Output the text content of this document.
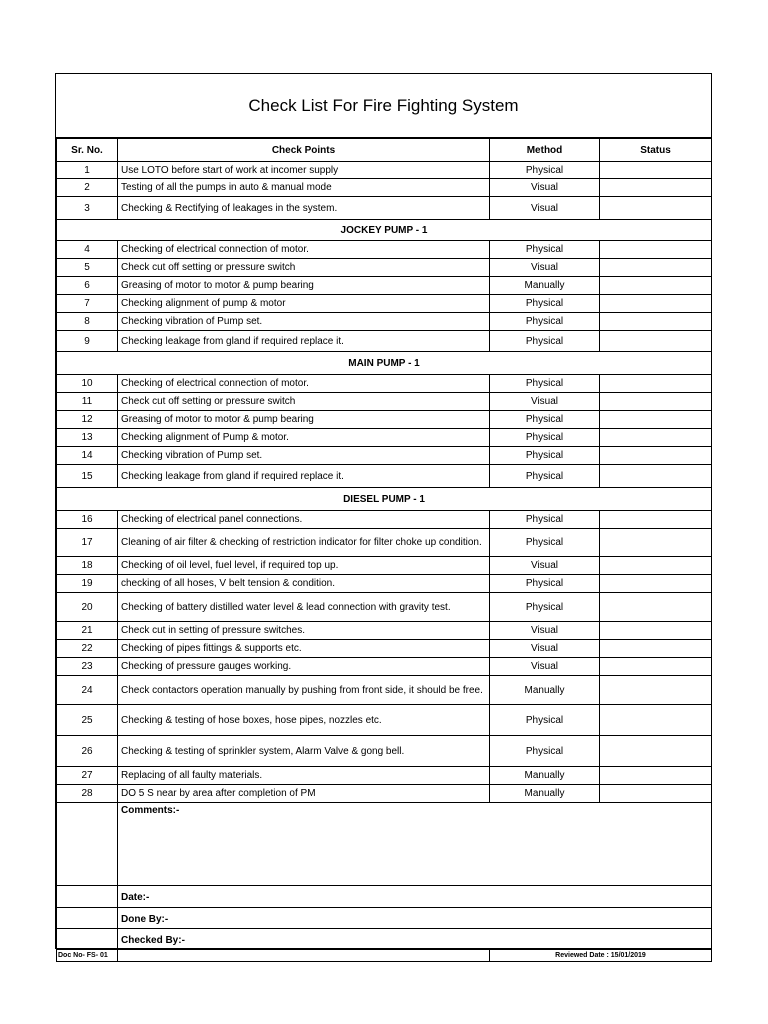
Check List For Fire Fighting System
Sr. No.	Check Points	Method	Status
1	Use LOTO before start of work at incomer supply	Physical	
2	Testing of all the pumps in auto & manual mode	Visual	
3	Checking & Rectifying of leakages in the system.	Visual	
JOCKEY PUMP - 1			
4	Checking of electrical connection of motor.	Physical	
5	Check cut off setting or pressure switch	Visual	
6	Greasing of motor to motor & pump bearing	Manually	
7	Checking alignment of pump & motor	Physical	
8	Checking vibration of Pump set.	Physical	
9	Checking leakage from gland if required replace it.	Physical	
MAIN PUMP - 1			
10	Checking of electrical connection of motor.	Physical	
11	Check cut off setting or pressure switch	Visual	
12	Greasing of motor to motor & pump bearing	Physical	
13	Checking alignment of Pump & motor.	Physical	
14	Checking vibration of Pump set.	Physical	
15	Checking leakage from gland if required replace it.	Physical	
DIESEL PUMP - 1			
16	Checking of electrical panel connections.	Physical	
17	Cleaning of air filter & checking of restriction indicator for filter choke up condition.	Physical	
18	Checking of oil level, fuel level, if required top up.	Visual	
19	checking of all hoses, V belt tension & condition.	Physical	
20	Checking of battery distilled water level & lead connection with gravity test.	Physical	
21	Check cut in setting of pressure switches.	Visual	
22	Checking of pipes fittings & supports etc.	Visual	
23	Checking of pressure gauges working.	Visual	
24	Check contactors operation manually by pushing from front side, it should be free.	Manually	
25	Checking & testing of hose boxes, hose pipes, nozzles etc.	Physical	
26	Checking & testing of sprinkler system, Alarm Valve & gong bell.	Physical	
27	Replacing of all faulty materials.	Manually	
28	DO 5 S near by area after completion of PM	Manually	
	Comments:-		
	Date:-		
	Done By:-		
	Checked By:-		
Doc No- FS- 01		Reviewed Date : 15/01/2019	
